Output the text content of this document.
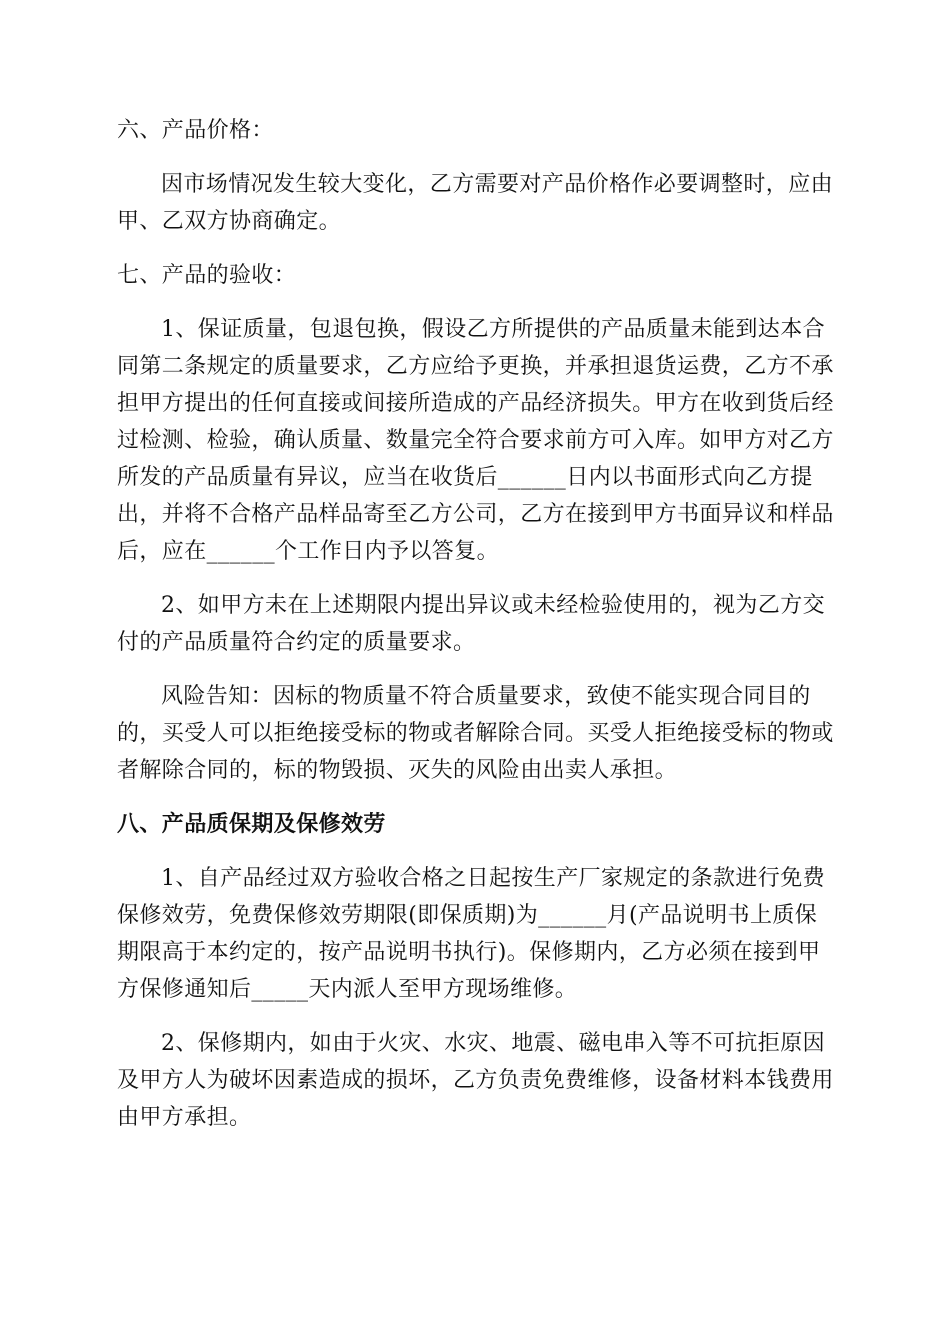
六、产品价格：

因市场情况发生较大变化，乙方需要对产品价格作必要调整时，应由

甲、乙双方协商确定。

七、产品的验收：

1、保证质量，包退包换，假设乙方所提供的产品质量未能到达本合

同第二条规定的质量要求，乙方应给予更换，并承担退货运费，乙方不承

担甲方提出的任何直接或间接所造成的产品经济损失。甲方在收到货后经

过检测、检验，确认质量、数量完全符合要求前方可入库。如甲方对乙方

所发的产品质量有异议，应当在收货后______日内以书面形式向乙方提

出，并将不合格产品样品寄至乙方公司，乙方在接到甲方书面异议和样品

后，应在______个工作日内予以答复。

2、如甲方未在上述期限内提出异议或未经检验使用的，视为乙方交

付的产品质量符合约定的质量要求。

风险告知：因标的物质量不符合质量要求，致使不能实现合同目的

的，买受人可以拒绝接受标的物或者解除合同。买受人拒绝接受标的物或

者解除合同的，标的物毁损、灭失的风险由出卖人承担。

八、产品质保期及保修效劳

1、自产品经过双方验收合格之日起按生产厂家规定的条款进行免费

保修效劳，免费保修效劳期限(即保质期)为______月(产品说明书上质保

期限高于本约定的，按产品说明书执行)。保修期内，乙方必须在接到甲

方保修通知后_____天内派人至甲方现场维修。

2、保修期内，如由于火灾、水灾、地震、磁电串入等不可抗拒原因

及甲方人为破坏因素造成的损坏，乙方负责免费维修，设备材料本钱费用

由甲方承担。
